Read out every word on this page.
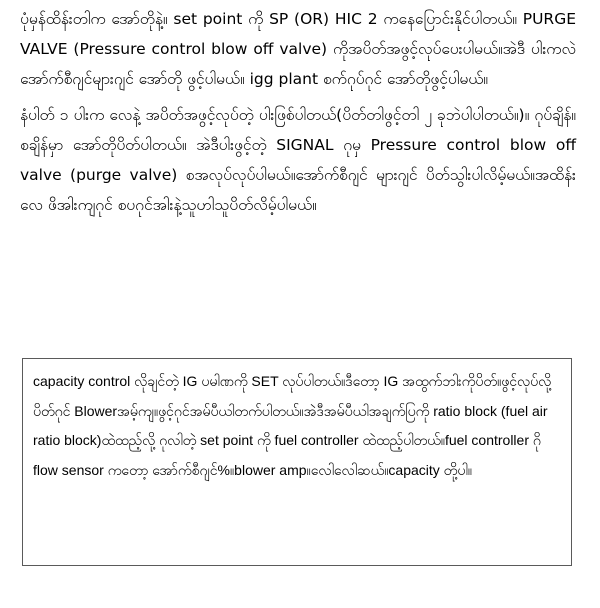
ပုံမှန်ထိန်းတါက အော်တိုနဲ့။ set point ကို SP (OR) HIC 2 ကနေပြောင်းနိုင်ပါတယ်။ PURGE VALVE (Pressure control blow off valve) ကိုအပိတ်အဖွင့်လုပ်ပေးပါမယ်။အဲဒီ ပါးကလဲ အော်က်စီဂျင်များဂျင် အော်တို ဖွင့်ပါမယ်။ igg plant စက်ဂုပ်ဂုင် အော်တိုဖွင့်ပါမယ်။

နံပါတ် ၁ ပါးက လေနဲ့ အပိတ်အဖွင့်လုပ်တဲ့ ပါးဖြစ်ပါတယ်(ပိတ်တါဖွင့်တါ ၂ ခုဘဲပါပါတယ်။)။ ဂုပ်ချိန်။စချိန်မှာ အော်တိုပိတ်ပါတယ်။ အဲဒီပါးဖွင့်တဲ့ SIGNAL ဂုမှ Pressure control blow off valve (purge valve) စအလုပ်လုပ်ပါမယ်။အော်က်စီဂျင် များဂျင် ပိတ်သွါးပါလိမ့်မယ်။အထိန်းလေ ဖိအါးကျဂုင် စပဂုင်အါးနဲ့သူဟါသူပိတ်လိမ့်ပါမယ်။

capacity control လိုချင်တဲ့ IG ပမါဏကို SET လုပ်ပါတယ်။ဒီတော့ IG အထွက်ဘါးကိုပိတ်။ဖွင့်လုပ်လို့ ပိတ်ဂုင် Blowerအမ့်ကျ။ဖွင့်ဂုင်အမ်ပီယါတက်ပါတယ်။အဲဒီအမ်ပီယါအချက်ပြကို ratio block (fuel air ratio block)ထဲထည့်လို့ ဂုလါတဲ့ set point ကို fuel controller ထဲထည့်ပါတယ်။fuel controller ဂို flow sensor ကတော့ အော်က်စီဂျင်%။blower amp။လေါလေါဆယ်။capacity တို့ပါ။
